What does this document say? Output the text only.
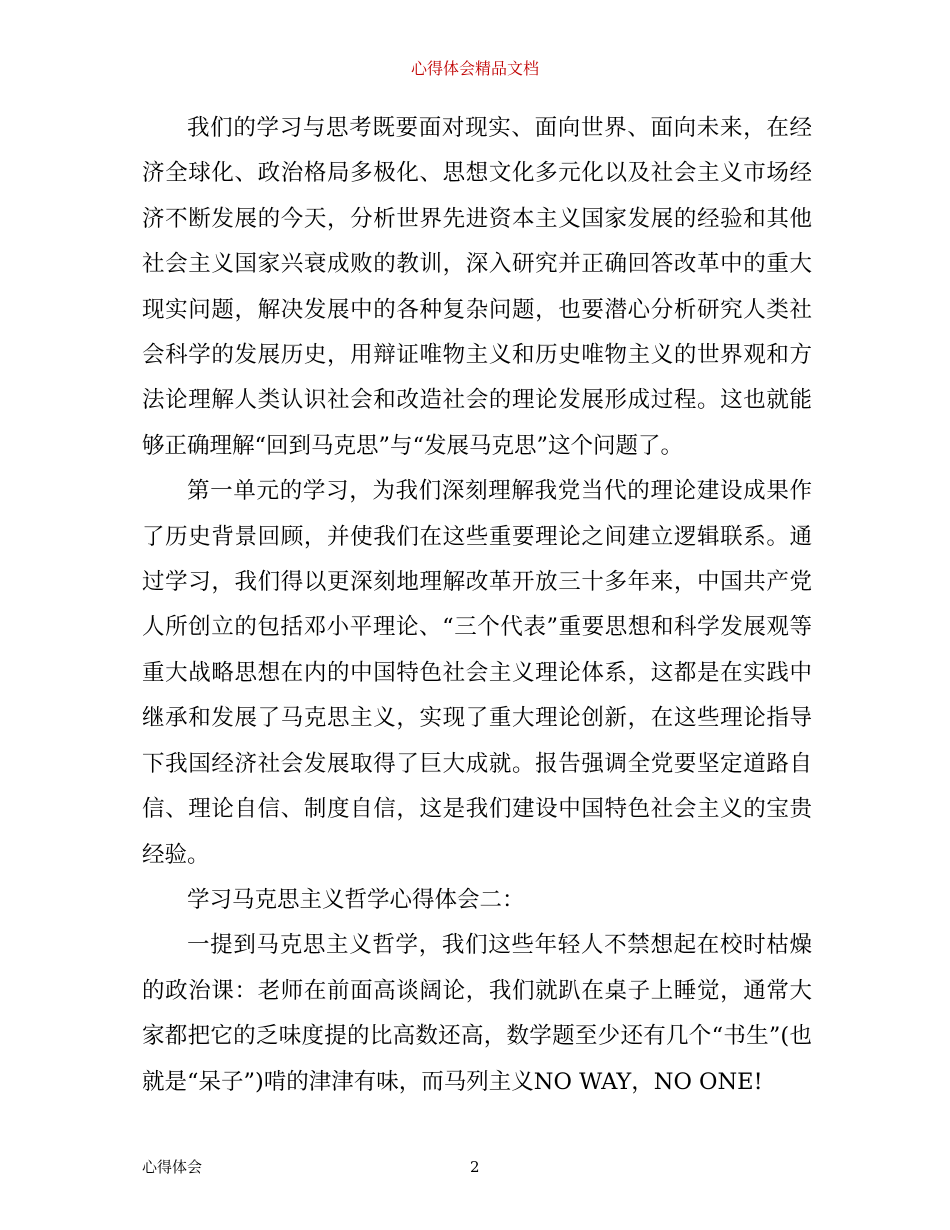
心得体会精品文档

我们的学习与思考既要面对现实、面向世界、面向未来，在经济全球化、政治格局多极化、思想文化多元化以及社会主义市场经济不断发展的今天，分析世界先进资本主义国家发展的经验和其他社会主义国家兴衰成败的教训，深入研究并正确回答改革中的重大现实问题，解决发展中的各种复杂问题，也要潜心分析研究人类社会科学的发展历史，用辩证唯物主义和历史唯物主义的世界观和方法论理解人类认识社会和改造社会的理论发展形成过程。这也就能够正确理解“回到马克思”与“发展马克思”这个问题了。

第一单元的学习，为我们深刻理解我党当代的理论建设成果作了历史背景回顾，并使我们在这些重要理论之间建立逻辑联系。通过学习，我们得以更深刻地理解改革开放三十多年来，中国共产党人所创立的包括邓小平理论、“三个代表”重要思想和科学发展观等重大战略思想在内的中国特色社会主义理论体系，这都是在实践中继承和发展了马克思主义，实现了重大理论创新，在这些理论指导下我国经济社会发展取得了巨大成就。报告强调全党要坚定道路自信、理论自信、制度自信，这是我们建设中国特色社会主义的宝贵经验。

学习马克思主义哲学心得体会二：

一提到马克思主义哲学，我们这些年轻人不禁想起在校时枯燥的政治课：老师在前面高谈阔论，我们就趴在桌子上睡觉，通常大家都把它的乏味度提的比高数还高，数学题至少还有几个“书生”(也就是“呆子”)啃的津津有味，而马列主义NO WAY，NO ONE!

心得体会	2
